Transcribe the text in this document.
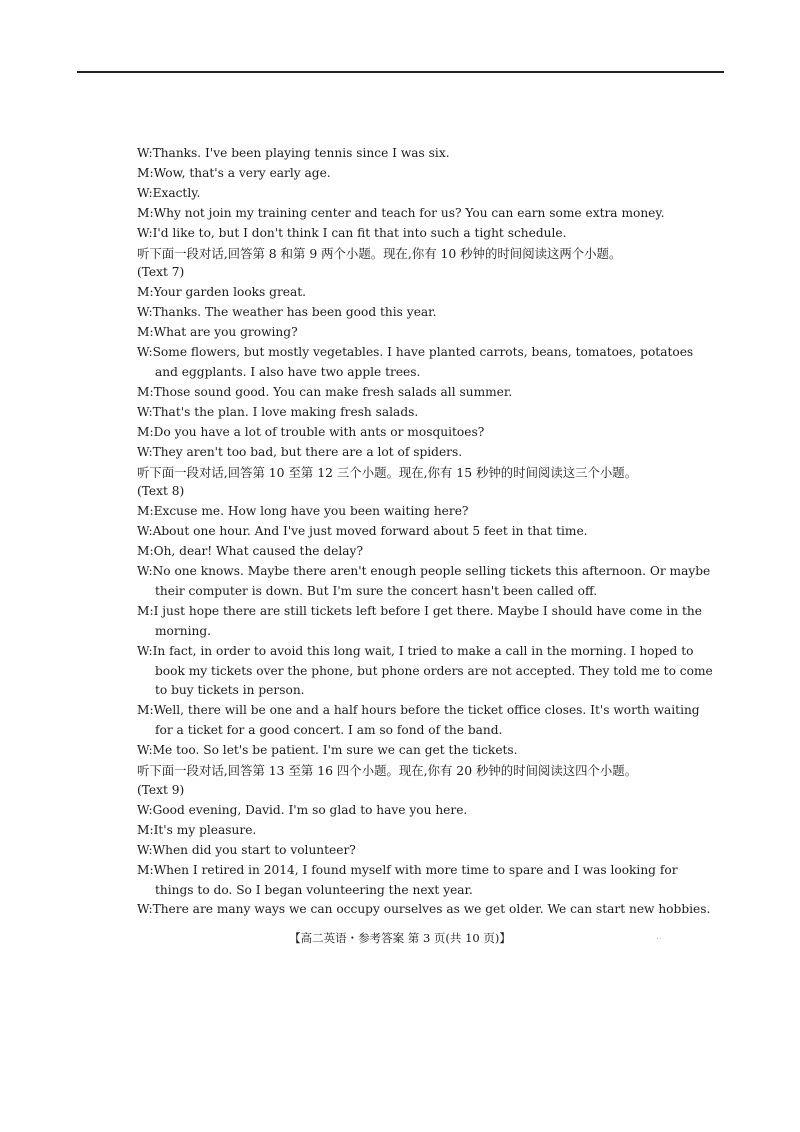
W:Thanks. I've been playing tennis since I was six.
M:Wow, that's a very early age.
W:Exactly.
M:Why not join my training center and teach for us? You can earn some extra money.
W:I'd like to, but I don't think I can fit that into such a tight schedule.
听下面一段对话,回答第 8 和第 9 两个小题。现在,你有 10 秒钟的时间阅读这两个小题。
(Text 7)
M:Your garden looks great.
W:Thanks. The weather has been good this year.
M:What are you growing?
W:Some flowers, but mostly vegetables. I have planted carrots, beans, tomatoes, potatoes
and eggplants. I also have two apple trees.
M:Those sound good. You can make fresh salads all summer.
W:That's the plan. I love making fresh salads.
M:Do you have a lot of trouble with ants or mosquitoes?
W:They aren't too bad, but there are a lot of spiders.
听下面一段对话,回答第 10 至第 12 三个小题。现在,你有 15 秒钟的时间阅读这三个小题。
(Text 8)
M:Excuse me. How long have you been waiting here?
W:About one hour. And I've just moved forward about 5 feet in that time.
M:Oh, dear! What caused the delay?
W:No one knows. Maybe there aren't enough people selling tickets this afternoon. Or maybe
their computer is down. But I'm sure the concert hasn't been called off.
M:I just hope there are still tickets left before I get there. Maybe I should have come in the
morning.
W:In fact, in order to avoid this long wait, I tried to make a call in the morning. I hoped to
book my tickets over the phone, but phone orders are not accepted. They told me to come
to buy tickets in person.
M:Well, there will be one and a half hours before the ticket office closes. It's worth waiting
for a ticket for a good concert. I am so fond of the band.
W:Me too. So let's be patient. I'm sure we can get the tickets.
听下面一段对话,回答第 13 至第 16 四个小题。现在,你有 20 秒钟的时间阅读这四个小题。
(Text 9)
W:Good evening, David. I'm so glad to have you here.
M:It's my pleasure.
W:When did you start to volunteer?
M:When I retired in 2014, I found myself with more time to spare and I was looking for
things to do. So I began volunteering the next year.
W:There are many ways we can occupy ourselves as we get older. We can start new hobbies.
【高二英语・参考答案 第 3 页(共 10 页)】	..
